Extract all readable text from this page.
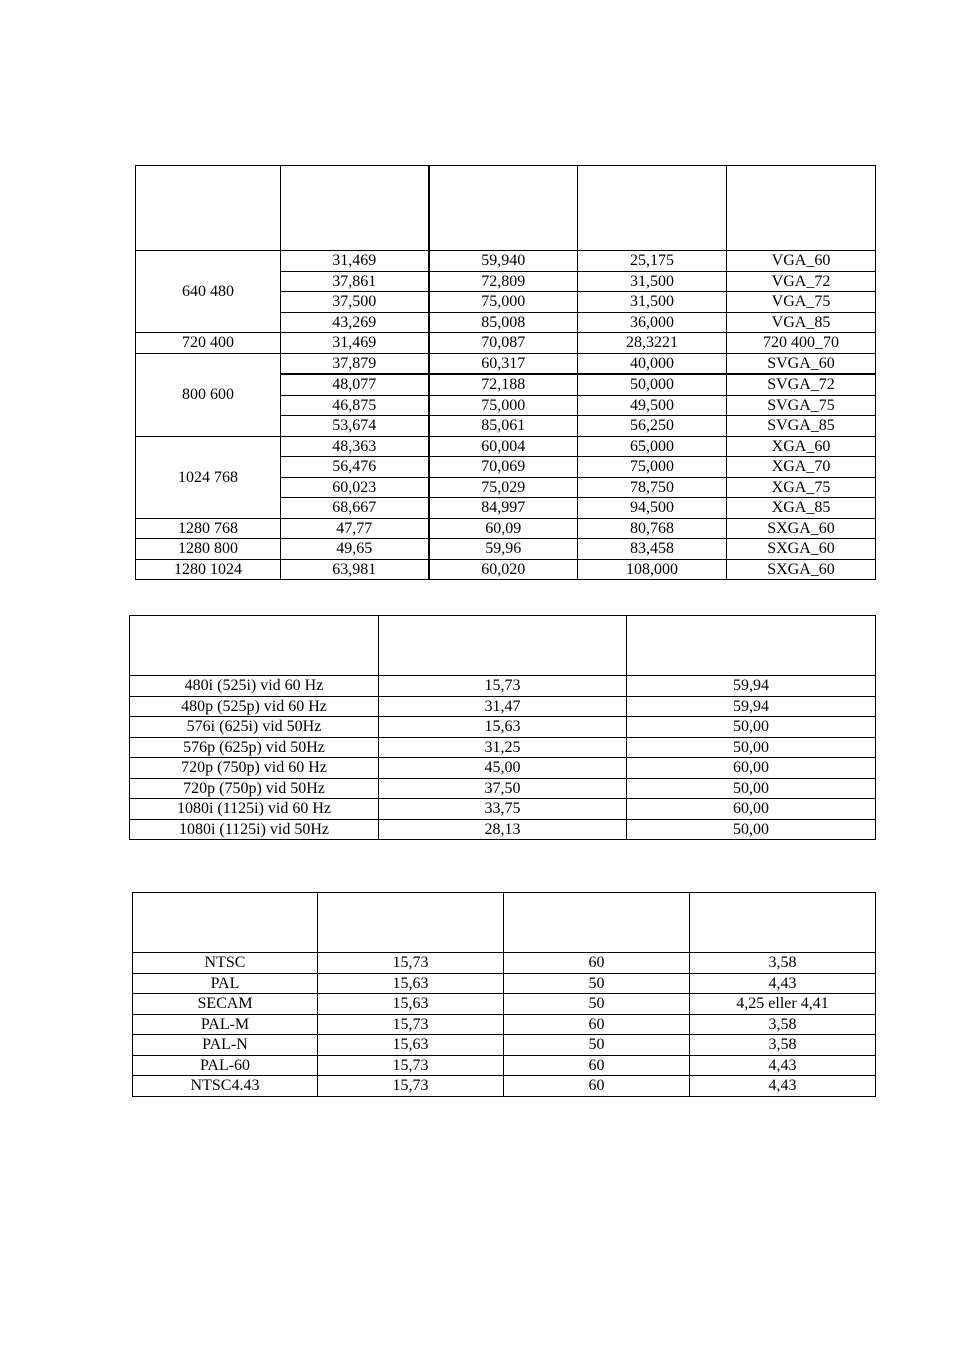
640 480	31,469	59,940	25,175	VGA_60
	37,861	72,809	31,500	VGA_72
	37,500	75,000	31,500	VGA_75
	43,269	85,008	36,000	VGA_85
720 400	31,469	70,087	28,3221	720 400_70
800 600	37,879	60,317	40,000	SVGA_60
	48,077	72,188	50,000	SVGA_72
	46,875	75,000	49,500	SVGA_75
	53,674	85,061	56,250	SVGA_85
1024 768	48,363	60,004	65,000	XGA_60
	56,476	70,069	75,000	XGA_70
	60,023	75,029	78,750	XGA_75
	68,667	84,997	94,500	XGA_85
1280 768	47,77	60,09	80,768	SXGA_60
1280 800	49,65	59,96	83,458	SXGA_60
1280 1024	63,981	60,020	108,000	SXGA_60

480i (525i) vid 60 Hz	15,73	59,94
480p (525p) vid 60 Hz	31,47	59,94
576i (625i) vid 50Hz	15,63	50,00
576p (625p) vid 50Hz	31,25	50,00
720p (750p) vid 60 Hz	45,00	60,00
720p (750p) vid 50Hz	37,50	50,00
1080i (1125i) vid 60 Hz	33,75	60,00
1080i (1125i) vid 50Hz	28,13	50,00

NTSC	15,73	60	3,58
PAL	15,63	50	4,43
SECAM	15,63	50	4,25 eller 4,41
PAL-M	15,73	60	3,58
PAL-N	15,63	50	3,58
PAL-60	15,73	60	4,43
NTSC4.43	15,73	60	4,43
